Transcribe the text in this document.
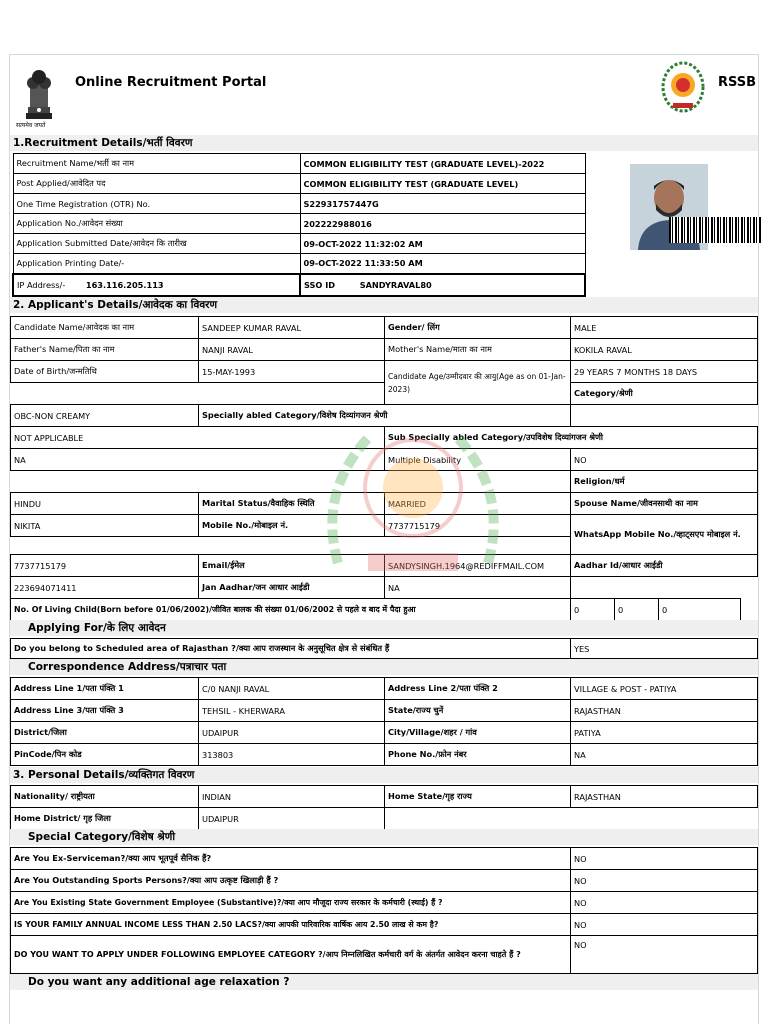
सत्यमेव जयते
Online Recruitment Portal	RSSB
1.Recruitment Details/भर्ती विवरण
Recruitment Name/भर्ती का नाम	COMMON ELIGIBILITY TEST (GRADUATE LEVEL)-2022
Post Applied/आवेदित पद	COMMON ELIGIBILITY TEST (GRADUATE LEVEL)
One Time Registration (OTR) No.	S22931757447G
Application No./आवेदन संख्या	202222988016
Application Submitted Date/आवेदन कि तारीख	09-OCT-2022 11:32:02 AM
Application Printing Date/-	09-OCT-2022 11:33:50 AM
IP Address/- 163.116.205.113	SSO ID SANDYRAVAL80
2. Applicant's Details/आवेदक का विवरण
Candidate Name/आवेदक का नाम	SANDEEP KUMAR RAVAL	Gender/ लिंग	MALE
Father's Name/पिता का नाम	NANJI RAVAL	Mother's Name/माता का नाम	KOKILA RAVAL
Date of Birth/जन्मतिथि	15-MAY-1993	Candidate Age/उम्मीदवार की आयु(Age as on 01-Jan-2023)	29 YEARS 7 MONTHS 18 DAYS
			Category/श्रेणी
OBC-NON CREAMY	Specially abled Category/विशेष दिव्यांगजन श्रेणी		
NOT APPLICABLE		Sub Specially abled Category/उपविशेष दिव्यांगजन श्रेणी	
NA		Multiple Disability	NO
			Religion/धर्म
HINDU	Marital Status/वैवाहिक स्थिति	MARRIED	Spouse Name/जीवनसाथी का नाम
NIKITA	Mobile No./मोबाइल नं.	7737715179	WhatsApp Mobile No./व्हाट्सएप मोबाइल नं.

7737715179	Email/ईमेल	SANDYSINGH.1964@REDIFFMAIL.COM	Aadhar Id/आधार आईडी
223694071411	Jan Aadhar/जन आधार आईडी	NA	
No. Of Living Child(Born before 01/06/2002)/जीवित बालक की संख्या 01/06/2002 से पहले व बाद में पैदा हुआ	0	0	0
Applying For/के लिए आवेदन
Do you belong to Scheduled area of Rajasthan ?/क्या आप राजस्थान के अनुसूचित क्षेत्र से संबंधित हैं	YES
Correspondence Address/पत्राचार पता
Address Line 1/पता पंक्ति 1	C/0 NANJI RAVAL	Address Line 2/पता पंक्ति 2	VILLAGE & POST - PATIYA
Address Line 3/पता पंक्ति 3	TEHSIL - KHERWARA	State/राज्य चुनें	RAJASTHAN
District/जिला	UDAIPUR	City/Village/शहर / गांव	PATIYA
PinCode/पिन कोड	313803	Phone No./फ़ोन नंबर	NA
3. Personal Details/व्यक्तिगत विवरण
Nationality/ राष्ट्रीयता	INDIAN	Home State/गृह राज्य	RAJASTHAN
Home District/ गृह जिला	UDAIPUR		
Special Category/विशेष श्रेणी
Are You Ex-Serviceman?/क्या आप भूतपूर्व सैनिक हैं?	NO
Are You Outstanding Sports Persons?/क्या आप उत्कृष्ट खिलाड़ी हैं ?	NO
Are You Existing State Government Employee (Substantive)?/क्या आप मौजूदा राज्य सरकार के कर्मचारी (स्थाई) हैं ?	NO
IS YOUR FAMILY ANNUAL INCOME LESS THAN 2.50 LACS?/क्या आपकी पारिवारिक वार्षिक आय 2.50 लाख से कम है?	NO
DO YOU WANT TO APPLY UNDER FOLLOWING EMPLOYEE CATEGORY ?/आप निम्नलिखित कर्मचारी वर्ग के अंतर्गत आवेदन करना चाहते हैं ?	NO
Do you want any additional age relaxation ?
